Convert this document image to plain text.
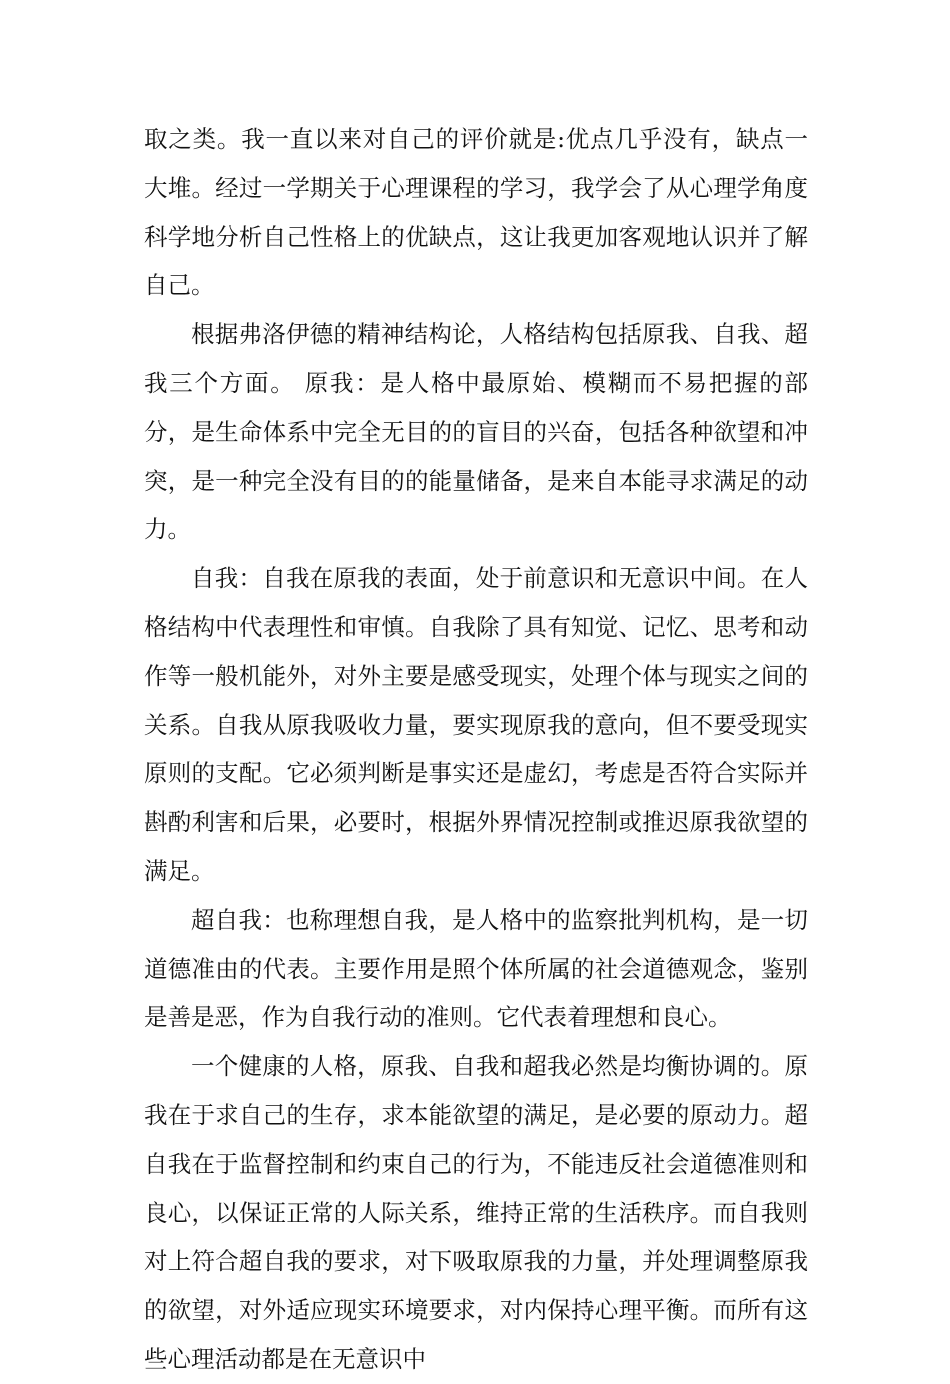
取之类。我一直以来对自己的评价就是:优点几乎没有，缺点一大堆。经过一学期关于心理课程的学习，我学会了从心理学角度科学地分析自己性格上的优缺点，这让我更加客观地认识并了解自己。

根据弗洛伊德的精神结构论，人格结构包括原我、自我、超我三个方面。 原我：是人格中最原始、模糊而不易把握的部分，是生命体系中完全无目的的盲目的兴奋，包括各种欲望和冲突，是一种完全没有目的的能量储备，是来自本能寻求满足的动力。

自我：自我在原我的表面，处于前意识和无意识中间。在人格结构中代表理性和审慎。自我除了具有知觉、记忆、思考和动作等一般机能外，对外主要是感受现实，处理个体与现实之间的关系。自我从原我吸收力量，要实现原我的意向，但不要受现实原则的支配。它必须判断是事实还是虚幻，考虑是否符合实际并斟酌利害和后果，必要时，根据外界情况控制或推迟原我欲望的满足。

超自我：也称理想自我，是人格中的监察批判机构，是一切道德准由的代表。主要作用是照个体所属的社会道德观念，鉴别是善是恶，作为自我行动的准则。它代表着理想和良心。

一个健康的人格，原我、自我和超我必然是均衡协调的。原我在于求自己的生存，求本能欲望的满足，是必要的原动力。超自我在于监督控制和约束自己的行为，不能违反社会道德准则和良心，以保证正常的人际关系，维持正常的生活秩序。而自我则对上符合超自我的要求，对下吸取原我的力量，并处理调整原我的欲望，对外适应现实环境要求，对内保持心理平衡。而所有这些心理活动都是在无意识中
